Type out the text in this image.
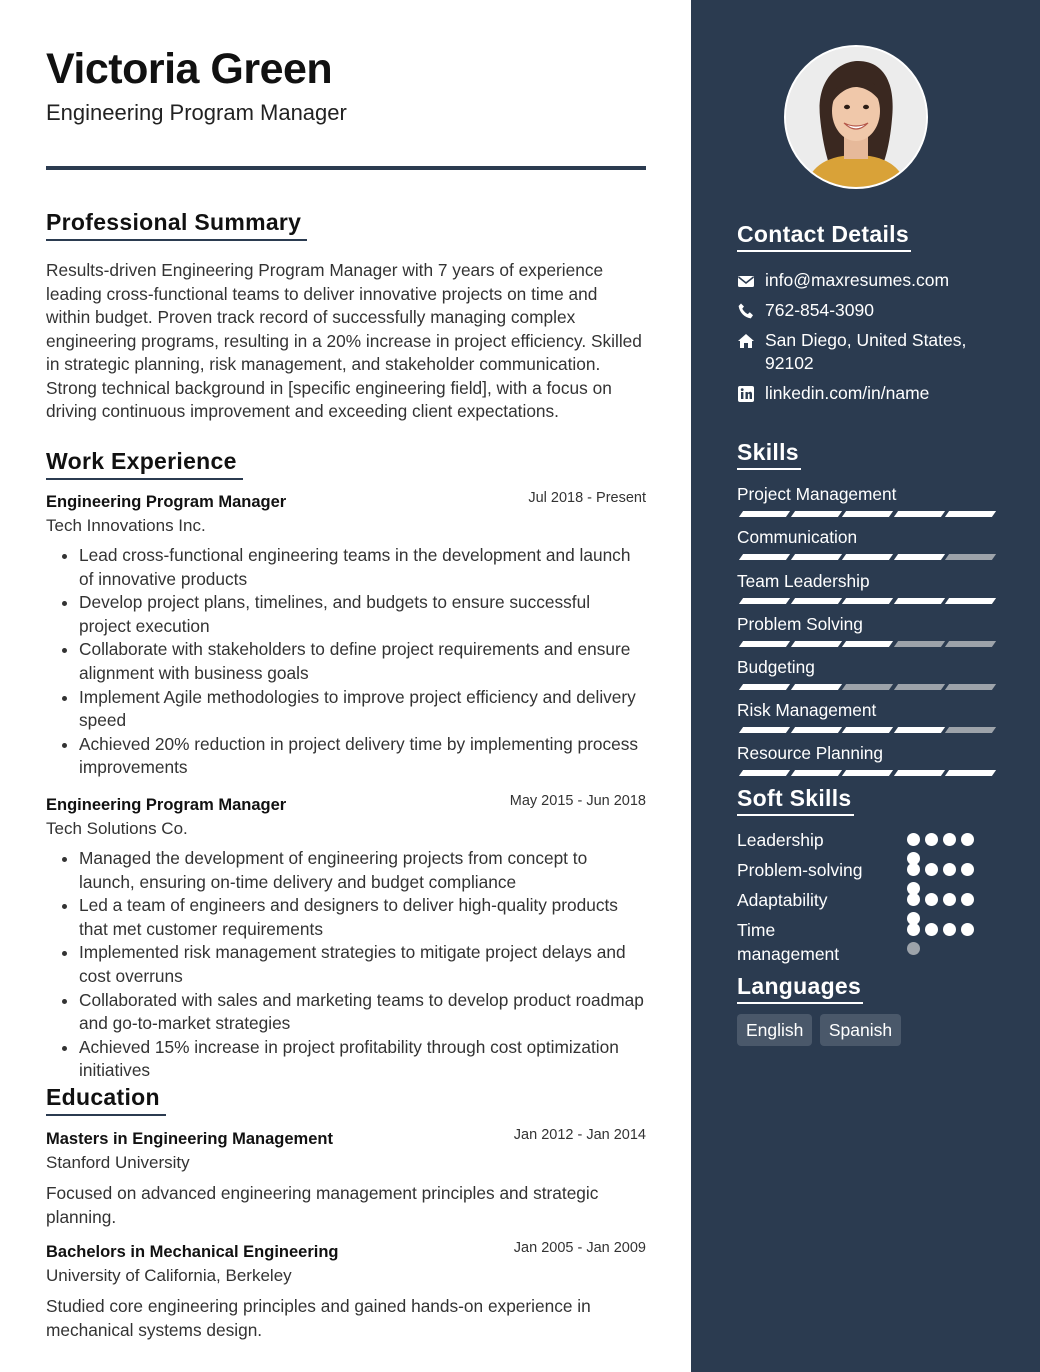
Victoria Green
Engineering Program Manager
Professional Summary

Results-driven Engineering Program Manager with 7 years of experience leading cross-functional teams to deliver innovative projects on time and within budget. Proven track record of successfully managing complex engineering programs, resulting in a 20% increase in project efficiency. Skilled in strategic planning, risk management, and stakeholder communication. Strong technical background in [specific engineering field], with a focus on driving continuous improvement and exceeding client expectations.

Work Experience
Engineering Program Manager	Jul 2018 - Present
Tech Innovations Inc.
• Lead cross-functional engineering teams in the development and launch of innovative products
• Develop project plans, timelines, and budgets to ensure successful project execution
• Collaborate with stakeholders to define project requirements and ensure alignment with business goals
• Implement Agile methodologies to improve project efficiency and delivery speed
• Achieved 20% reduction in project delivery time by implementing process improvements
Engineering Program Manager	May 2015 - Jun 2018
Tech Solutions Co.
• Managed the development of engineering projects from concept to launch, ensuring on-time delivery and budget compliance
• Led a team of engineers and designers to deliver high-quality products that met customer requirements
• Implemented risk management strategies to mitigate project delays and cost overruns
• Collaborated with sales and marketing teams to develop product roadmap and go-to-market strategies
• Achieved 15% increase in project profitability through cost optimization initiatives
Education
Masters in Engineering Management	Jan 2012 - Jan 2014
Stanford University

Focused on advanced engineering management principles and strategic planning.

Bachelors in Mechanical Engineering	Jan 2005 - Jan 2009
University of California, Berkeley

Studied core engineering principles and gained hands-on experience in mechanical systems design.

Contact Details
info@maxresumes.com
762-854-3090
San Diego, United States, 92102
linkedin.com/in/name
Skills
Project Management
Communication
Team Leadership
Problem Solving
Budgeting
Risk Management
Resource Planning
Soft Skills
Leadership
Problem-solving
Adaptability
Time management
Languages
English Spanish
